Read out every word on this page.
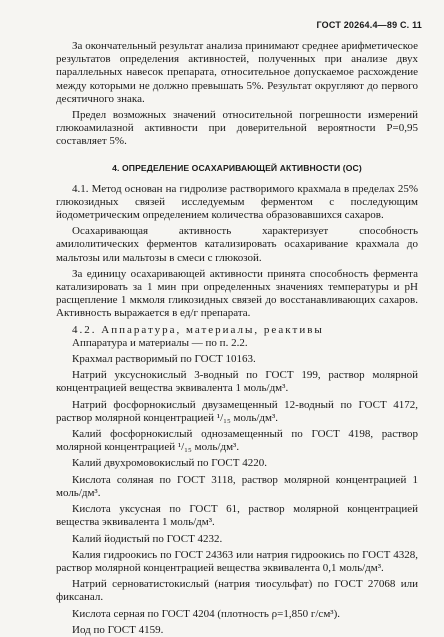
ГОСТ 20264.4—89 С. 11

За окончательный результат анализа принимают среднее арифметическое результатов определения активностей, полученных при анализе двух параллельных навесок препарата, относительное допускаемое расхождение между которыми не должно превышать 5%. Результат округляют до первого десятичного знака.

Предел возможных значений относительной погрешности измерений глюкоамилазной активности при доверительной вероятности P=0,95 составляет 5%.

4. ОПРЕДЕЛЕНИЕ ОСАХАРИВАЮЩЕЙ АКТИВНОСТИ (ОС)

4.1. Метод основан на гидролизе растворимого крахмала в пределах 25% глюкозидных связей исследуемым ферментом с последующим йодометрическим определением количества образовавшихся сахаров.

Осахаривающая активность характеризует способность амилолитических ферментов катализировать осахаривание крахмала до мальтозы или мальтозы в смеси с глюкозой.

За единицу осахаривающей активности принята способность фермента катализировать за 1 мин при определенных значениях температуры и pH расщепление 1 мкмоля гликозидных связей до восстанавливающих сахаров. Активность выражается в ед/г препарата.

4.2. Аппаратура, материалы, реактивы

Аппаратура и материалы — по п. 2.2.

Крахмал растворимый по ГОСТ 10163.

Натрий уксуснокислый 3-водный по ГОСТ 199, раствор молярной концентрацией вещества эквивалента 1 моль/дм³.

Натрий фосфорнокислый двузамещенный 12-водный по ГОСТ 4172, раствор молярной концентрацией ¹/₁₅ моль/дм³.

Калий фосфорнокислый однозамещенный по ГОСТ 4198, раствор молярной концентрацией ¹/₁₅ моль/дм³.

Калий двухромовокислый по ГОСТ 4220.

Кислота соляная по ГОСТ 3118, раствор молярной концентрацией 1 моль/дм³.

Кислота уксусная по ГОСТ 61, раствор молярной концентрацией вещества эквивалента 1 моль/дм³.

Калий йодистый по ГОСТ 4232.

Калия гидроокись по ГОСТ 24363 или натрия гидроокись по ГОСТ 4328, раствор молярной концентрацией вещества эквивалента 0,1 моль/дм³.

Натрий серноватистокислый (натрия тиосульфат) по ГОСТ 27068 или фиксанал.

Кислота серная по ГОСТ 4204 (плотность ρ=1,850 г/см³).

Иод по ГОСТ 4159.
